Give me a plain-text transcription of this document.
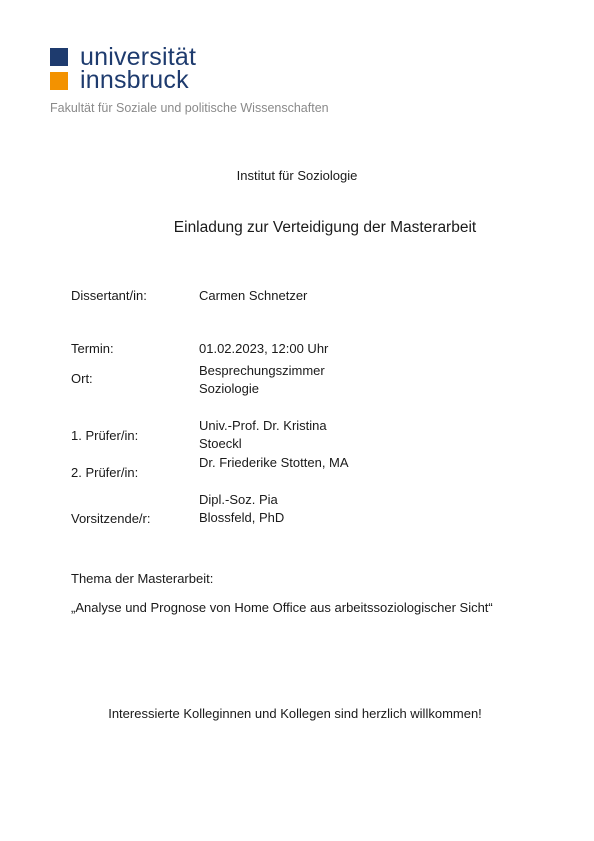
universität
innsbruck
Fakultät für Soziale und politische Wissenschaften
Institut für Soziologie
Einladung zur Verteidigung der Masterarbeit
Dissertant/in:	Carmen Schnetzer
Termin:	01.02.2023, 12:00 Uhr
Ort:
Besprechungszimmer Soziologie
1. Prüfer/in:
Univ.-Prof. Dr. Kristina Stoeckl
2. Prüfer/in:
Dr. Friederike Stotten, MA
Vorsitzende/r:
Dipl.-Soz. Pia Blossfeld, PhD
Thema der Masterarbeit:
„Analyse und Prognose von Home Office aus arbeitssoziologischer Sicht“
Interessierte Kolleginnen und Kollegen sind herzlich willkommen!
